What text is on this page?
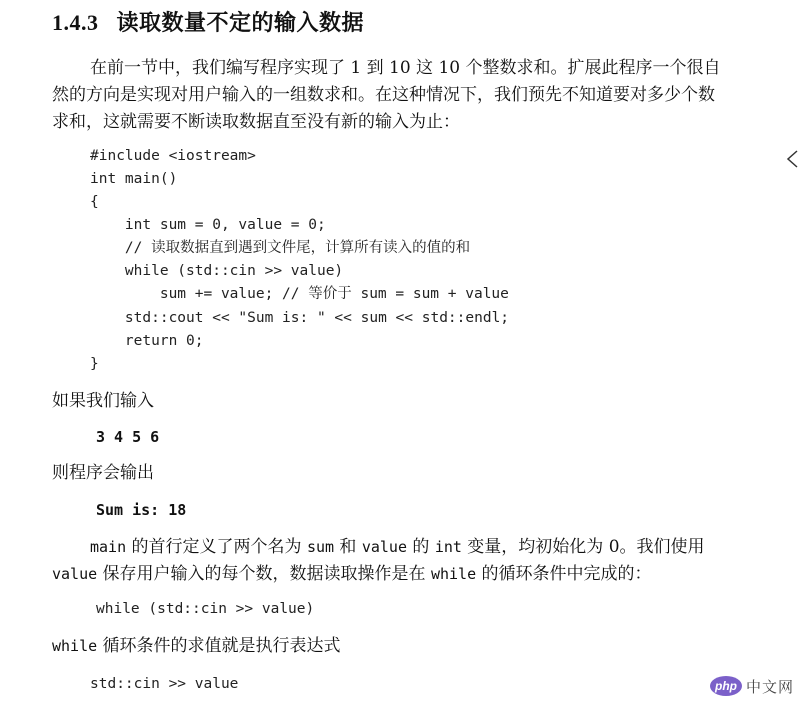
1.4.3 读取数量不定的输入数据
在前一节中，我们编写程序实现了 1 到 10 这 10 个整数求和。扩展此程序一个很自
然的方向是实现对用户输入的一组数求和。在这种情况下，我们预先不知道要对多少个数
求和，这就需要不断读取数据直至没有新的输入为止：
#include <iostream>
int main()
{
int sum = 0, value = 0;
// 读取数据直到遇到文件尾，计算所有读入的值的和
while (std::cin >> value)
sum += value; // 等价于 sum = sum + value
std::cout << "Sum is: " << sum << std::endl;
return 0;
}
如果我们输入
3 4 5 6
则程序会输出
Sum is: 18
main 的首行定义了两个名为 sum 和 value 的 int 变量，均初始化为 0。我们使用
value 保存用户输入的每个数，数据读取操作是在 while 的循环条件中完成的：
while (std::cin >> value)
while 循环条件的求值就是执行表达式
std::cin >> value	php 中文网
